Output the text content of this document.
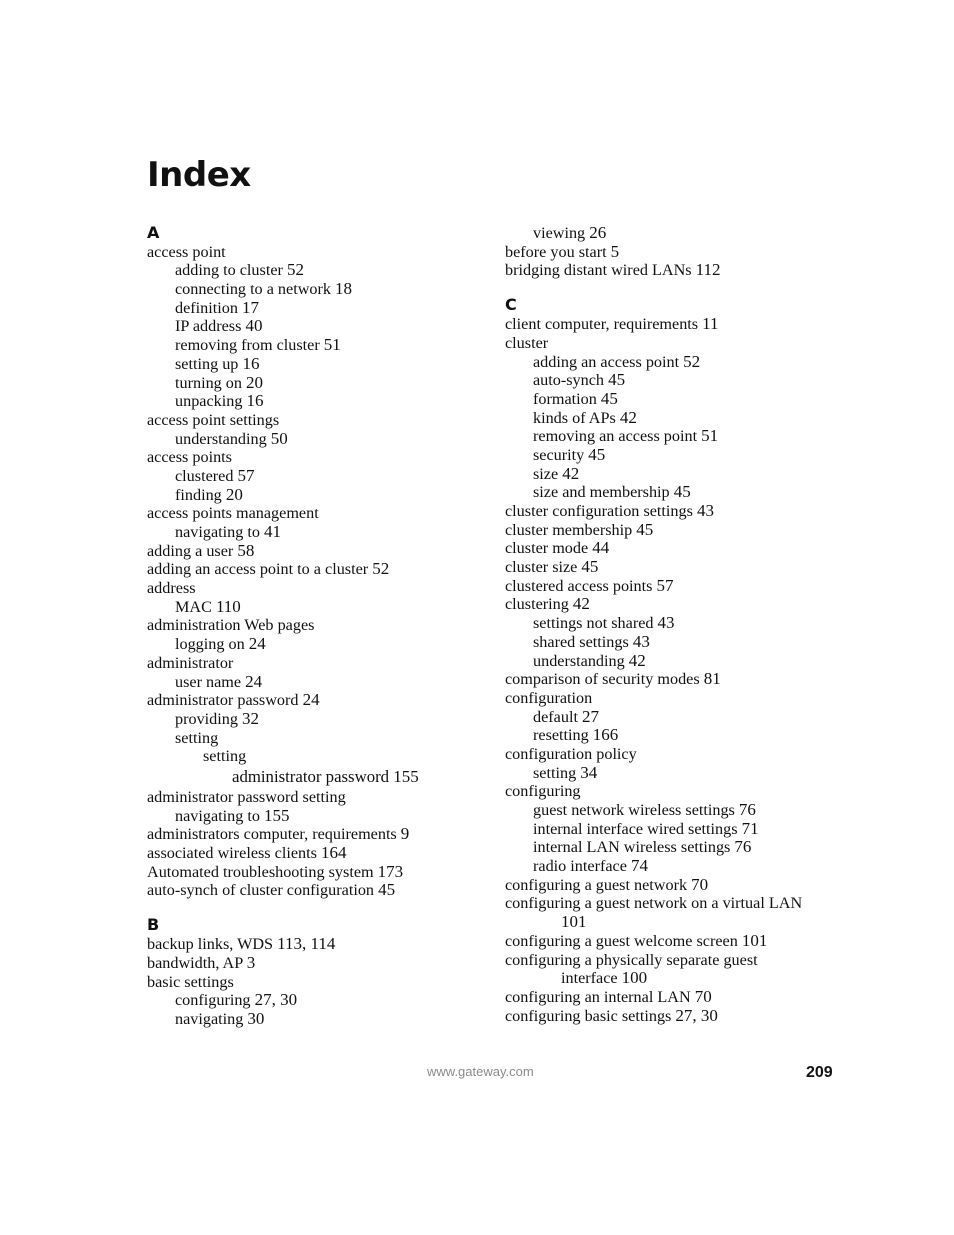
Index
A
access point
adding to cluster 52
connecting to a network 18
definition 17
IP address 40
removing from cluster 51
setting up 16
turning on 20
unpacking 16
access point settings
understanding 50
access points
clustered 57
finding 20
access points management
navigating to 41
adding a user 58
adding an access point to a cluster 52
address
MAC 110
administration Web pages
logging on 24
administrator
user name 24
administrator password 24
providing 32
setting
setting
administrator password 155
administrator password setting
navigating to 155
administrators computer, requirements 9
associated wireless clients 164
Automated troubleshooting system 173
auto-synch of cluster configuration 45
B
backup links, WDS 113, 114
bandwidth, AP 3
basic settings
configuring 27, 30
navigating 30
viewing 26
before you start 5
bridging distant wired LANs 112
C
client computer, requirements 11
cluster
adding an access point 52
auto-synch 45
formation 45
kinds of APs 42
removing an access point 51
security 45
size 42
size and membership 45
cluster configuration settings 43
cluster membership 45
cluster mode 44
cluster size 45
clustered access points 57
clustering 42
settings not shared 43
shared settings 43
understanding 42
comparison of security modes 81
configuration
default 27
resetting 166
configuration policy
setting 34
configuring
guest network wireless settings 76
internal interface wired settings 71
internal LAN wireless settings 76
radio interface 74
configuring a guest network 70
configuring a guest network on a virtual LAN
101
configuring a guest welcome screen 101
configuring a physically separate guest
interface 100
configuring an internal LAN 70
configuring basic settings 27, 30
www.gateway.com	209
